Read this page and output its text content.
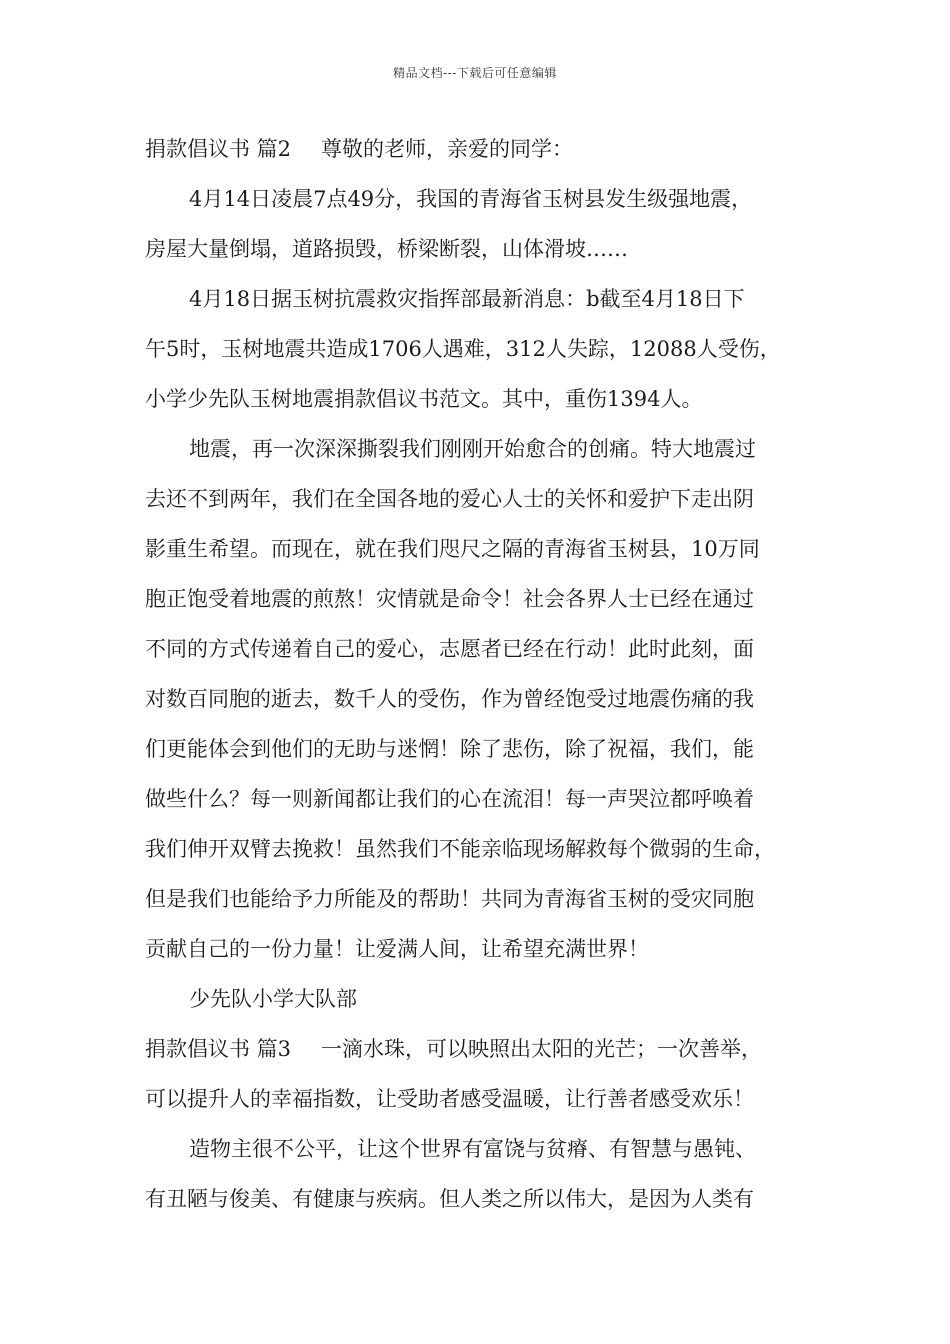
精品文档---下载后可任意编辑
捐款倡议书 篇2 尊敬的老师，亲爱的同学：
4月14日凌晨7点49分，我国的青海省玉树县发生级强地震，
房屋大量倒塌，道路损毁，桥梁断裂，山体滑坡……
4月18日据玉树抗震救灾指挥部最新消息：b截至4月18日下
午5时，玉树地震共造成1706人遇难，312人失踪，12088人受伤，
小学少先队玉树地震捐款倡议书范文。其中，重伤1394人。
地震，再一次深深撕裂我们刚刚开始愈合的创痛。特大地震过
去还不到两年，我们在全国各地的爱心人士的关怀和爱护下走出阴
影重生希望。而现在，就在我们咫尺之隔的青海省玉树县，10万同
胞正饱受着地震的煎熬！灾情就是命令！社会各界人士已经在通过
不同的方式传递着自己的爱心，志愿者已经在行动！此时此刻，面
对数百同胞的逝去，数千人的受伤，作为曾经饱受过地震伤痛的我
们更能体会到他们的无助与迷惘！除了悲伤，除了祝福，我们，能
做些什么？每一则新闻都让我们的心在流泪！每一声哭泣都呼唤着
我们伸开双臂去挽救！虽然我们不能亲临现场解救每个微弱的生命，
但是我们也能给予力所能及的帮助！共同为青海省玉树的受灾同胞
贡献自己的一份力量！让爱满人间，让希望充满世界！
少先队小学大队部
捐款倡议书 篇3 一滴水珠，可以映照出太阳的光芒；一次善举，
可以提升人的幸福指数，让受助者感受温暖，让行善者感受欢乐！
造物主很不公平，让这个世界有富饶与贫瘠、有智慧与愚钝、
有丑陋与俊美、有健康与疾病。但人类之所以伟大，是因为人类有
